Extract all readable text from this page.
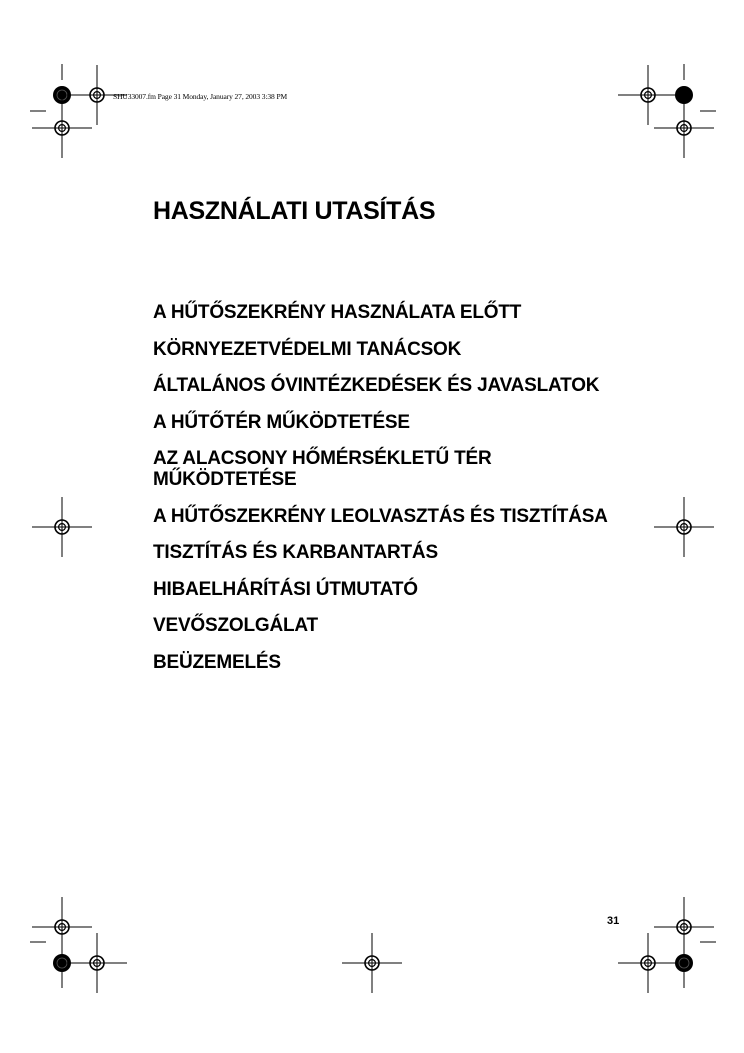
SHU33007.fm Page 31 Monday, January 27, 2003 3:38 PM
HASZNÁLATI UTASÍTÁS
A HŰTŐSZEKRÉNY HASZNÁLATA ELŐTT
KÖRNYEZETVÉDELMI TANÁCSOK
ÁLTALÁNOS ÓVINTÉZKEDÉSEK ÉS JAVASLATOK
A HŰTŐTÉR MŰKÖDTETÉSE
AZ ALACSONY HŐMÉRSÉKLETŰ TÉR MŰKÖDTETÉSE
A HŰTŐSZEKRÉNY LEOLVASZTÁS ÉS TISZTÍTÁSA
TISZTÍTÁS ÉS KARBANTARTÁS
HIBAELHÁRÍTÁSI ÚTMUTATÓ
VEVŐSZOLGÁLAT
BEÜZEMELÉS
31
